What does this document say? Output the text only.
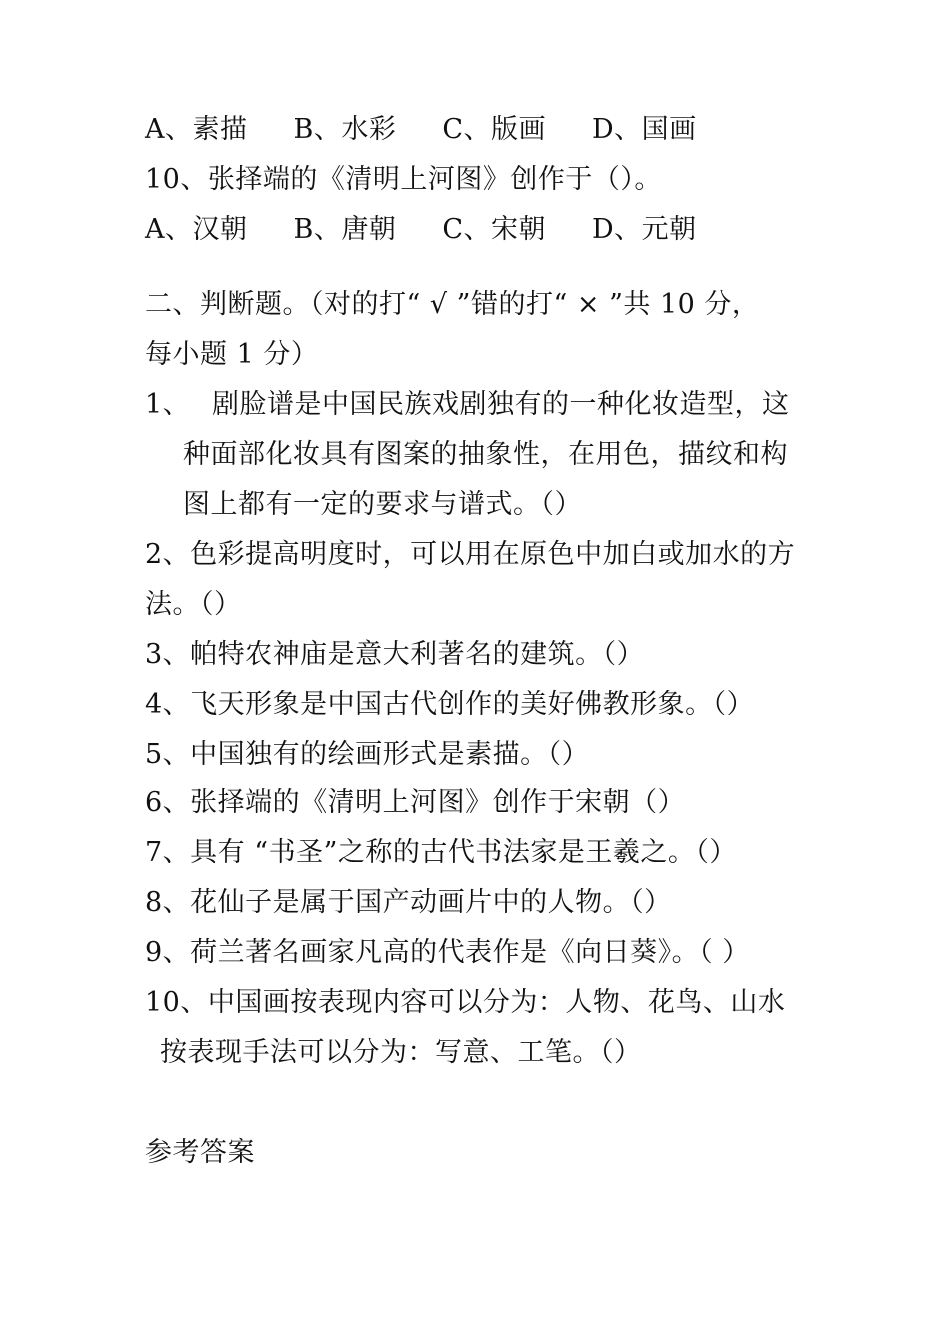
A、素描 B、水彩 C、版画 D、国画
10、张择端的《清明上河图》创作于（）。
A、汉朝 B、唐朝 C、宋朝 D、元朝
二、判断题。（对的打“ √ ”错的打“ × ”共 10 分，
每小题 1 分）
1、 剧脸谱是中国民族戏剧独有的一种化妆造型，这
种面部化妆具有图案的抽象性，在用色，描纹和构
图上都有一定的要求与谱式。（）
2、色彩提高明度时，可以用在原色中加白或加水的方
法。（）
3、帕特农神庙是意大利著名的建筑。（）
4、飞天形象是中国古代创作的美好佛教形象。（）
5、中国独有的绘画形式是素描。（）
6、张择端的《清明上河图》创作于宋朝（）
7、具有 “书圣”之称的古代书法家是王羲之。（）
8、花仙子是属于国产动画片中的人物。（）
9、荷兰著名画家凡高的代表作是《向日葵》。（ ）
10、中国画按表现内容可以分为：人物、花鸟、山水
按表现手法可以分为：写意、工笔。（）
参考答案
